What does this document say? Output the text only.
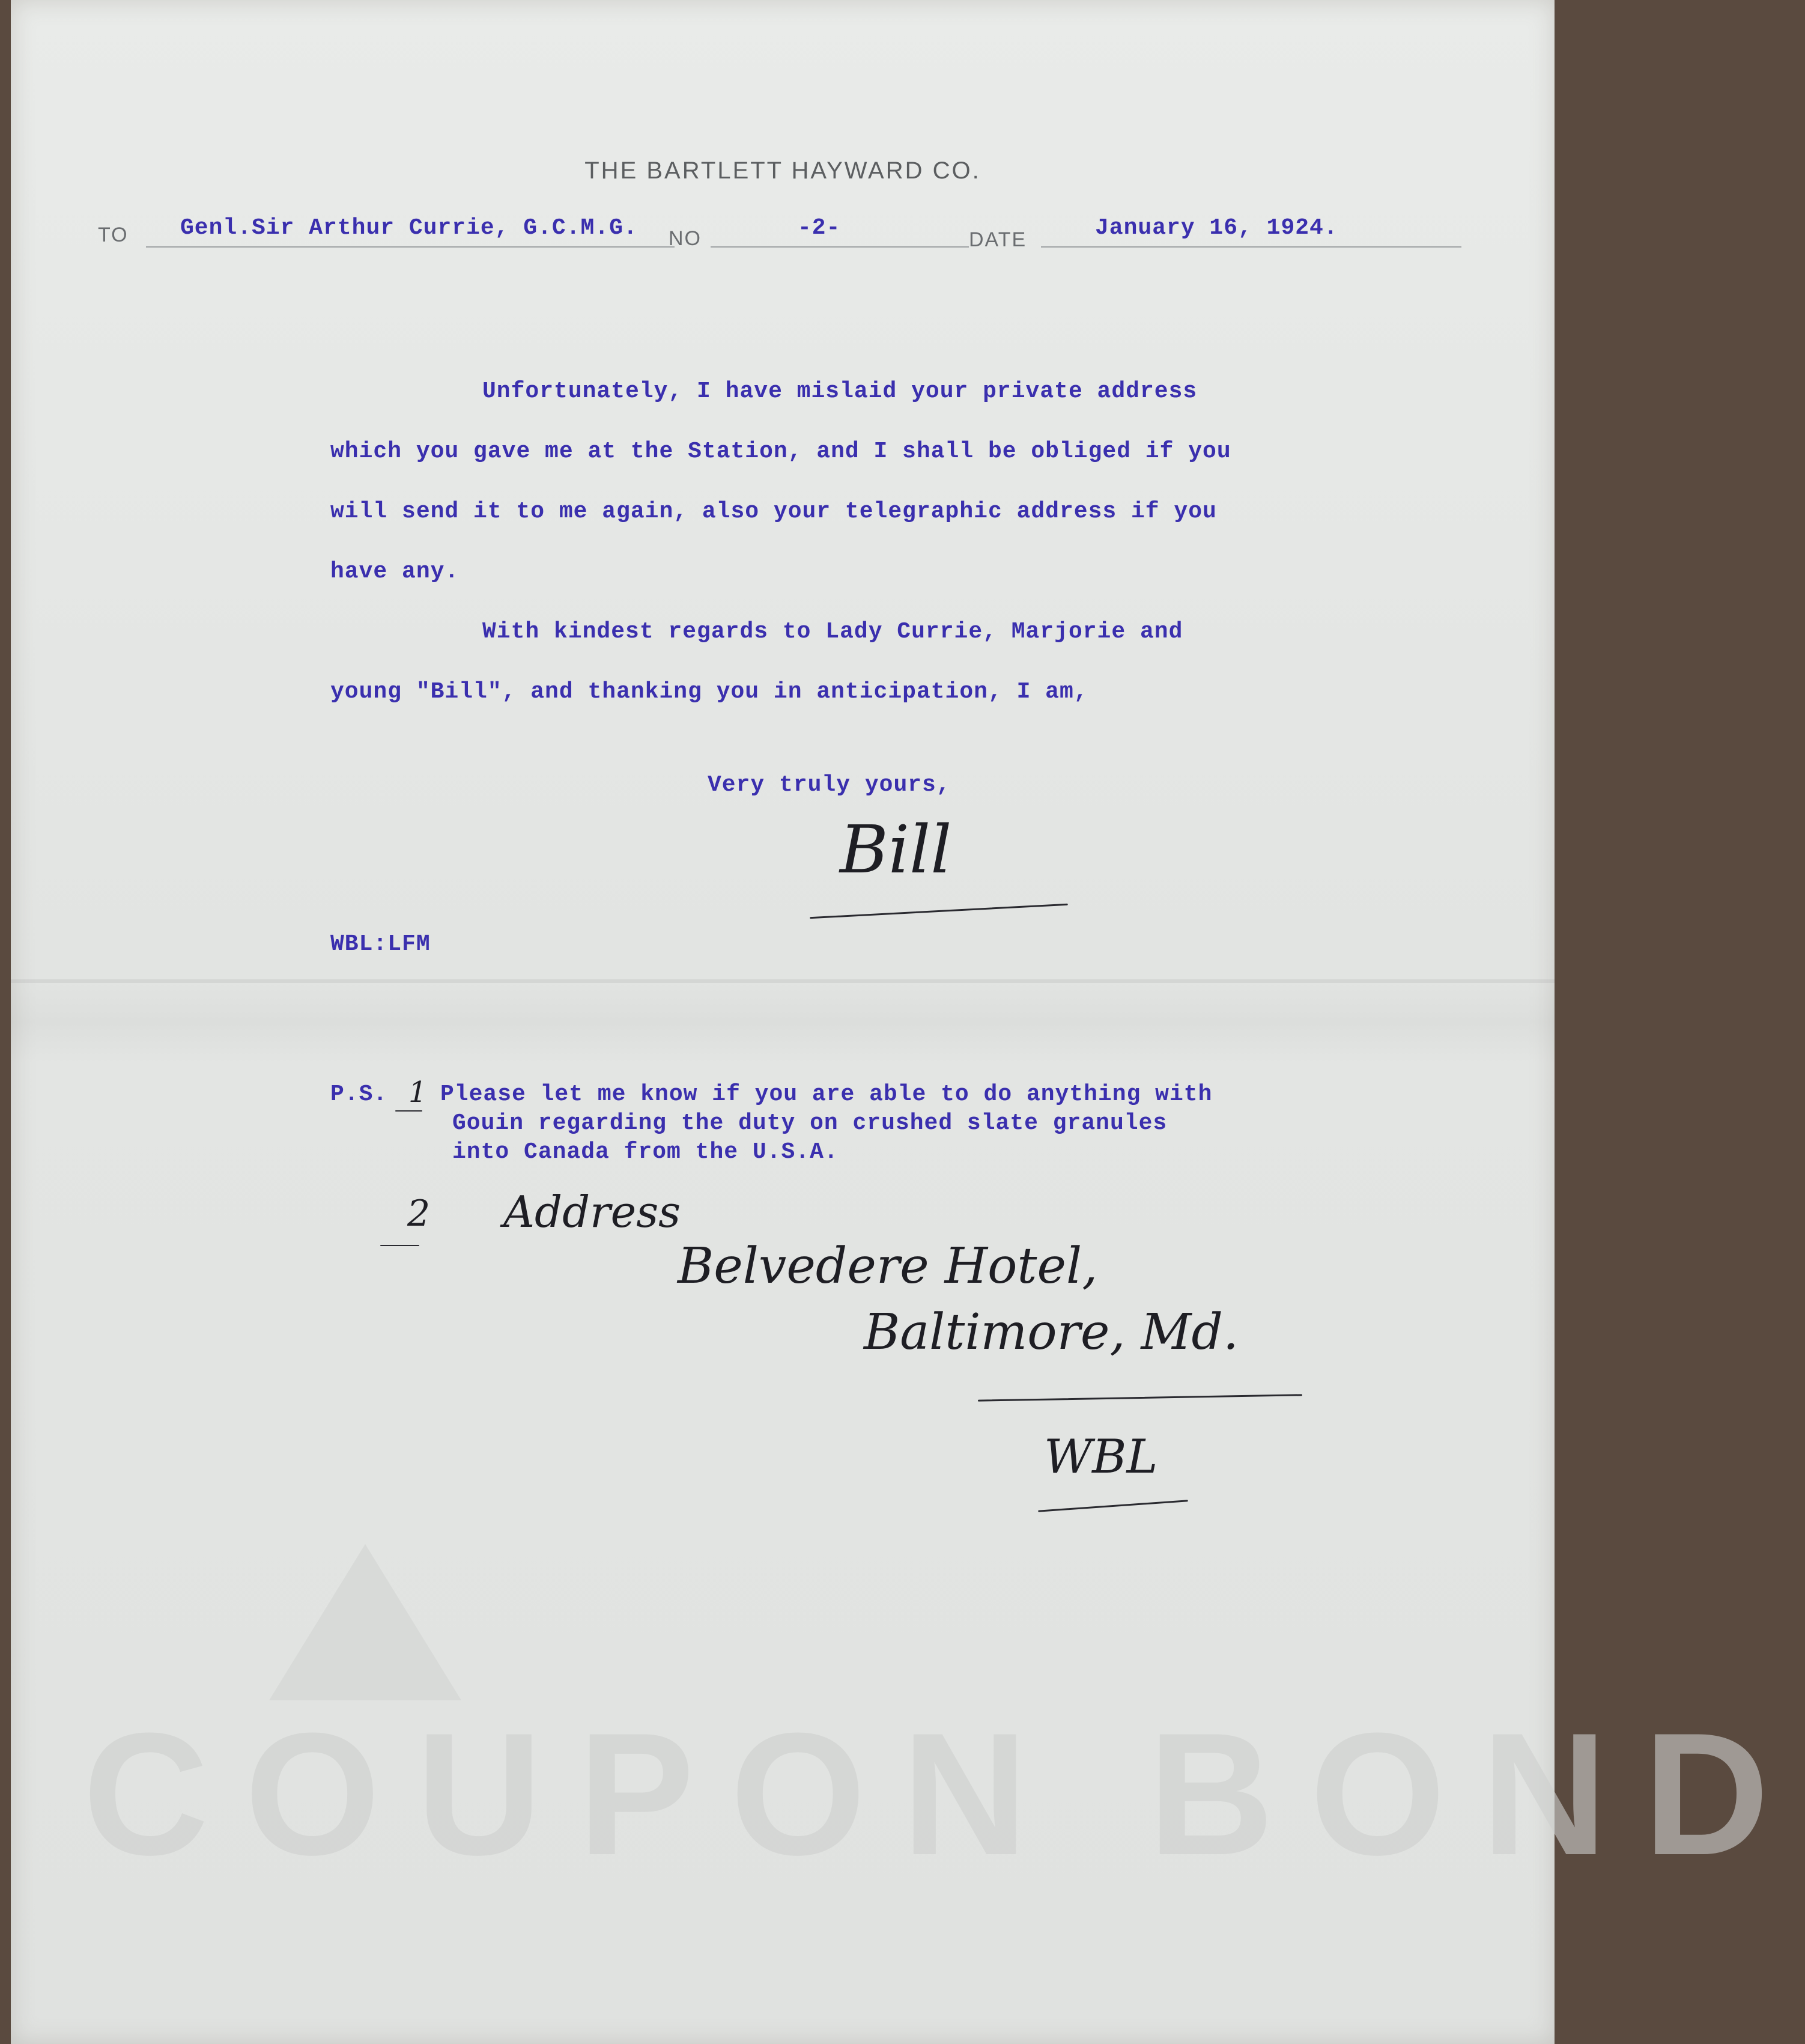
COUPON BOND
THE BARTLETT HAYWARD CO.
TO Genl.Sir Arthur Currie, G.C.M.G. NO	-2-	DATE	January 16, 1924.
Unfortunately, I have mislaid your private address
which you gave me at the Station, and I shall be obliged if you
will send it to me again, also your telegraphic address if you
have any.
With kindest regards to Lady Currie, Marjorie and
young "Bill", and thanking you in anticipation, I am,
Very truly yours,
Bill
WBL:LFM
P.S. 1 Please let me know if you are able to do anything with
Gouin regarding the duty on crushed slate granules
into Canada from the U.S.A.
2 Address
Belvedere Hotel,
Baltimore, Md.
WBL
